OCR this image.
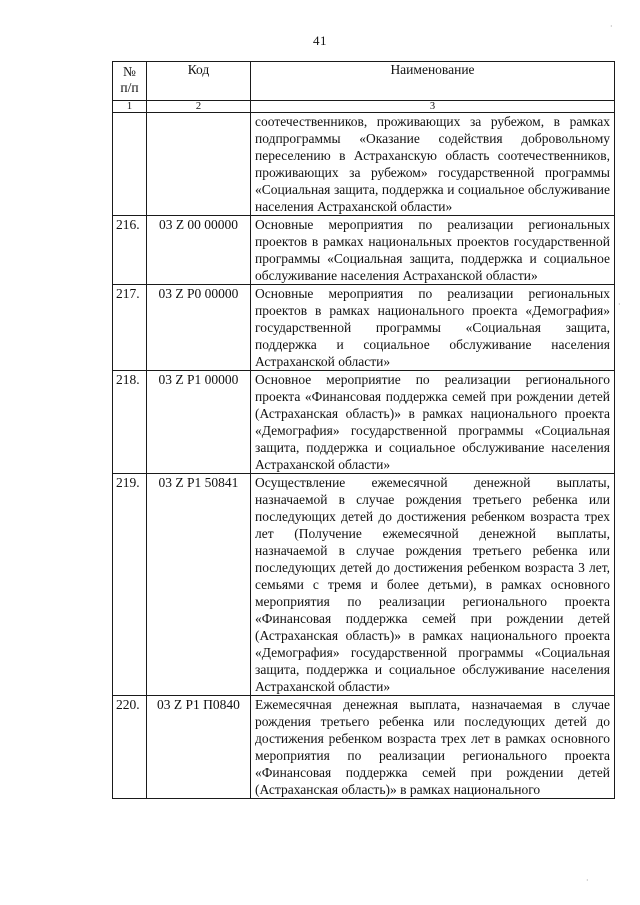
41
№ п/п	Код	Наименование
1	2	3
		соотечественников, проживающих за рубежом, в рамках подпрограммы «Оказание содействия добровольному переселению в Астраханскую область соотечественников, проживающих за рубежом» государственной программы «Социальная защита, поддержка и социальное обслуживание населения Астраханской области»
216.	03 Z 00 00000	Основные мероприятия по реализации региональных проектов в рамках национальных проектов государственной программы «Социальная защита, поддержка и социальное обслуживание населения Астраханской области»
217.	03 Z P0 00000	Основные мероприятия по реализации региональных проектов в рамках национального проекта «Демография» государственной программы «Социальная защита, поддержка и социальное обслуживание населения Астраханской области»
218.	03 Z P1 00000	Основное мероприятие по реализации регионального проекта «Финансовая поддержка семей при рождении детей (Астраханская область)» в рамках национального проекта «Демография» государственной программы «Социальная защита, поддержка и социальное обслуживание населения Астраханской области»
219.	03 Z P1 50841	Осуществление ежемесячной денежной выплаты, назначаемой в случае рождения третьего ребенка или последующих детей до достижения ребенком возраста трех лет (Получение ежемесячной денежной выплаты, назначаемой в случае рождения третьего ребенка или последующих детей до достижения ребенком возраста 3 лет, семьями с тремя и более детьми), в рамках основного мероприятия по реализации регионального проекта «Финансовая поддержка семей при рождении детей (Астраханская область)» в рамках национального проекта «Демография» государственной программы «Социальная защита, поддержка и социальное обслуживание населения Астраханской области»
220.	03 Z P1 П0840	Ежемесячная денежная выплата, назначаемая в случае рождения третьего ребенка или последующих детей до достижения ребенком возраста трех лет в рамках основного мероприятия по реализации регионального проекта «Финансовая поддержка семей при рождении детей (Астраханская область)» в рамках национального
·
·
·
